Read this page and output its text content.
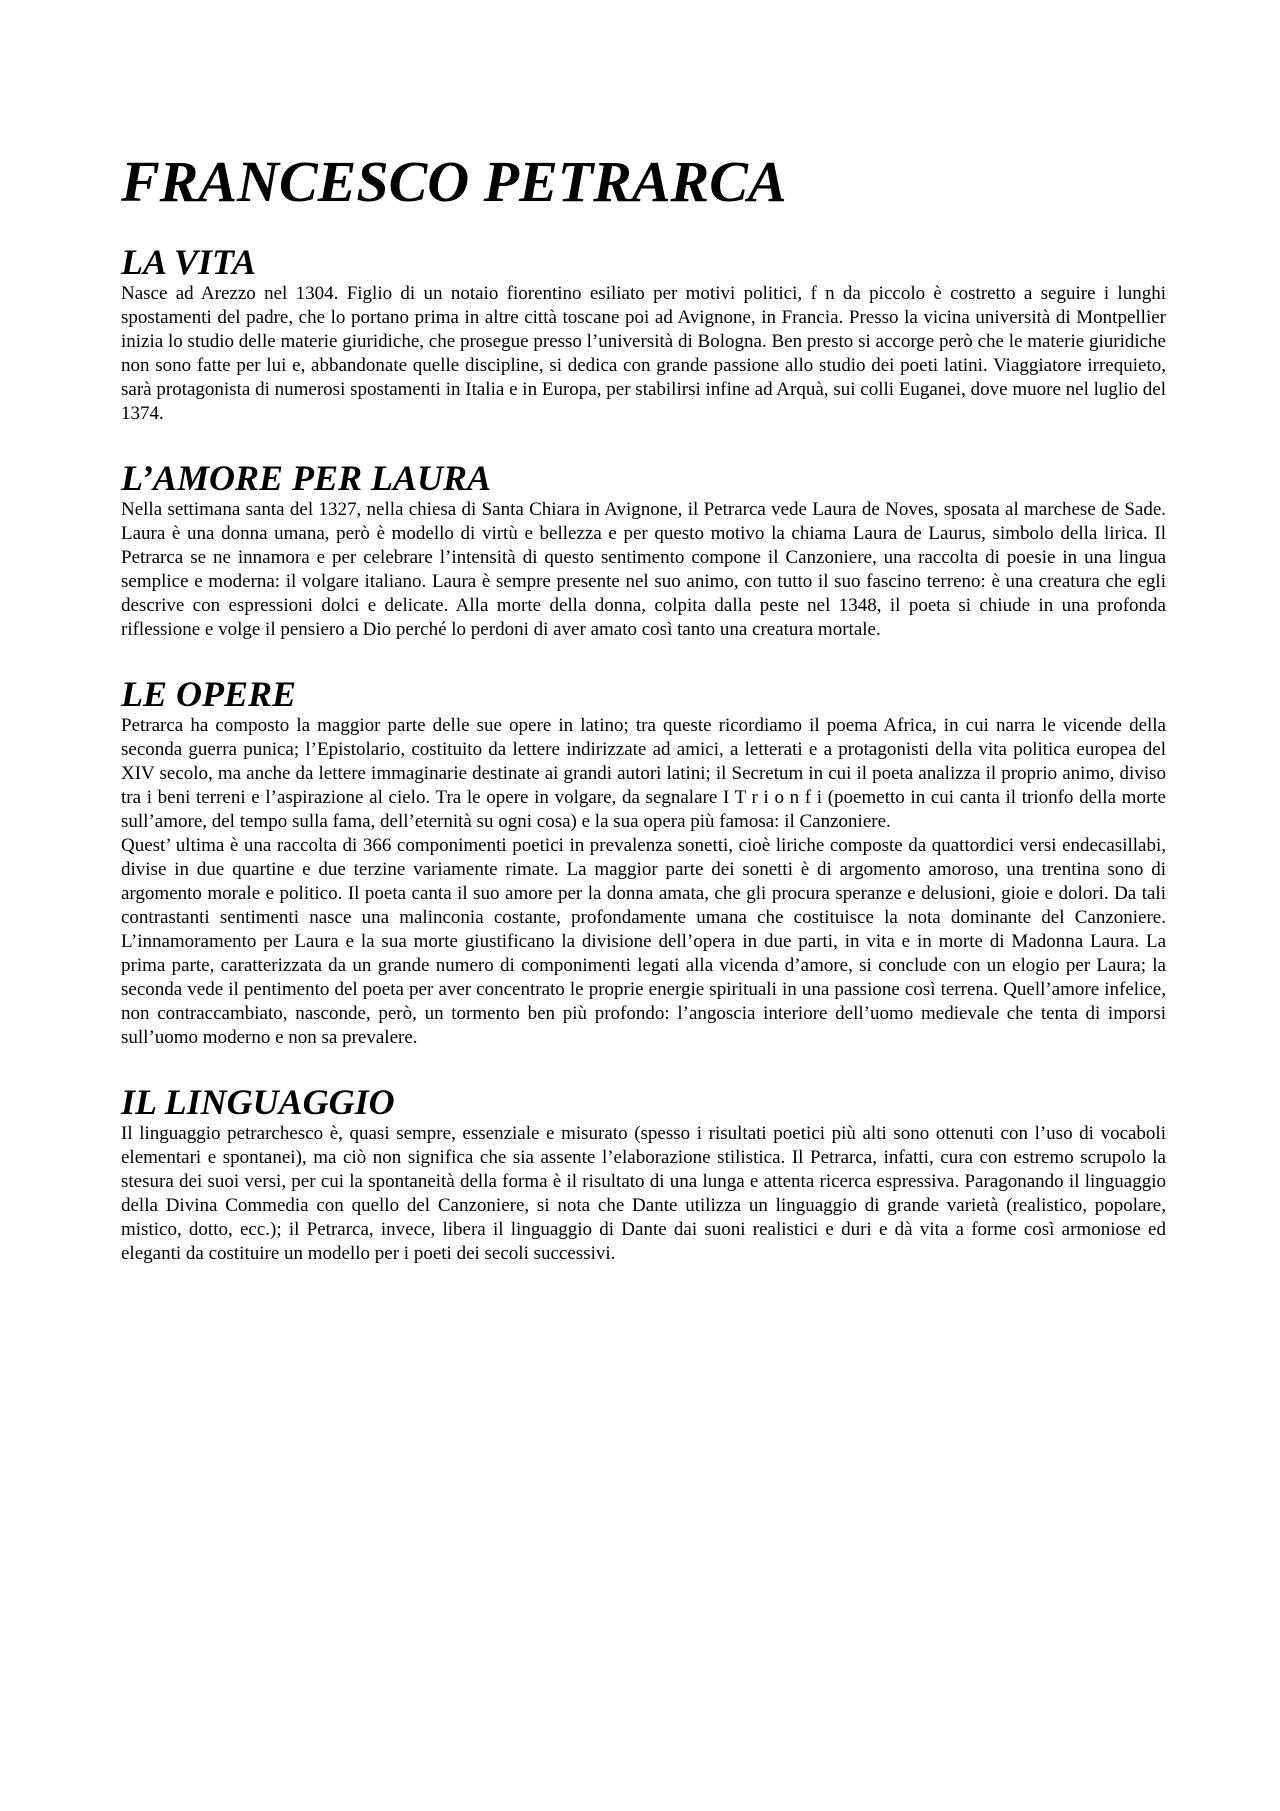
FRANCESCO PETRARCA
LA VITA

Nasce ad Arezzo nel 1304. Figlio di un notaio fiorentino esiliato per motivi politici, f n da piccolo è costretto a seguire i lunghi spostamenti del padre, che lo portano prima in altre città toscane poi ad Avignone, in Francia. Presso la vicina università di Montpellier inizia lo studio delle materie giuridiche, che prosegue presso l’università di Bologna. Ben presto si accorge però che le materie giuridiche non sono fatte per lui e, abbandonate quelle discipline, si dedica con grande passione allo studio dei poeti latini. Viaggiatore irrequieto, sarà protagonista di numerosi spostamenti in Italia e in Europa, per stabilirsi infine ad Arquà, sui colli Euganei, dove muore nel luglio del 1374.

L’AMORE PER LAURA

Nella settimana santa del 1327, nella chiesa di Santa Chiara in Avignone, il Petrarca vede Laura de Noves, sposata al marchese de Sade. Laura è una donna umana, però è modello di virtù e bellezza e per questo motivo la chiama Laura de Laurus, simbolo della lirica. Il Petrarca se ne innamora e per celebrare l’intensità di questo sentimento compone il Canzoniere, una raccolta di poesie in una lingua semplice e moderna: il volgare italiano. Laura è sempre presente nel suo animo, con tutto il suo fascino terreno: è una creatura che egli descrive con espressioni dolci e delicate. Alla morte della donna, colpita dalla peste nel 1348, il poeta si chiude in una profonda riflessione e volge il pensiero a Dio perché lo perdoni di aver amato così tanto una creatura mortale.

LE OPERE

Petrarca ha composto la maggior parte delle sue opere in latino; tra queste ricordiamo il poema Africa, in cui narra le vicende della seconda guerra punica; l’Epistolario, costituito da lettere indirizzate ad amici, a letterati e a protagonisti della vita politica europea del XIV secolo, ma anche da lettere immaginarie destinate ai grandi autori latini; il Secretum in cui il poeta analizza il proprio animo, diviso tra i beni terreni e l’aspirazione al cielo. Tra le opere in volgare, da segnalare I T r i o n f i (poemetto in cui canta il trionfo della morte sull’amore, del tempo sulla fama, dell’eternità su ogni cosa) e la sua opera più famosa: il Canzoniere.

Quest’ ultima è una raccolta di 366 componimenti poetici in prevalenza sonetti, cioè liriche composte da quattordici versi endecasillabi, divise in due quartine e due terzine variamente rimate. La maggior parte dei sonetti è di argomento amoroso, una trentina sono di argomento morale e politico. Il poeta canta il suo amore per la donna amata, che gli procura speranze e delusioni, gioie e dolori. Da tali contrastanti sentimenti nasce una malinconia costante, profondamente umana che costituisce la nota dominante del Canzoniere. L’innamoramento per Laura e la sua morte giustificano la divisione dell’opera in due parti, in vita e in morte di Madonna Laura. La prima parte, caratterizzata da un grande numero di componimenti legati alla vicenda d’amore, si conclude con un elogio per Laura; la seconda vede il pentimento del poeta per aver concentrato le proprie energie spirituali in una passione così terrena. Quell’amore infelice, non contraccambiato, nasconde, però, un tormento ben più profondo: l’angoscia interiore dell’uomo medievale che tenta di imporsi sull’uomo moderno e non sa prevalere.

IL LINGUAGGIO

Il linguaggio petrarchesco è, quasi sempre, essenziale e misurato (spesso i risultati poetici più alti sono ottenuti con l’uso di vocaboli elementari e spontanei), ma ciò non significa che sia assente l’elaborazione stilistica. Il Petrarca, infatti, cura con estremo scrupolo la stesura dei suoi versi, per cui la spontaneità della forma è il risultato di una lunga e attenta ricerca espressiva. Paragonando il linguaggio della Divina Commedia con quello del Canzoniere, si nota che Dante utilizza un linguaggio di grande varietà (realistico, popolare, mistico, dotto, ecc.); il Petrarca, invece, libera il linguaggio di Dante dai suoni realistici e duri e dà vita a forme così armoniose ed eleganti da costituire un modello per i poeti dei secoli successivi.
